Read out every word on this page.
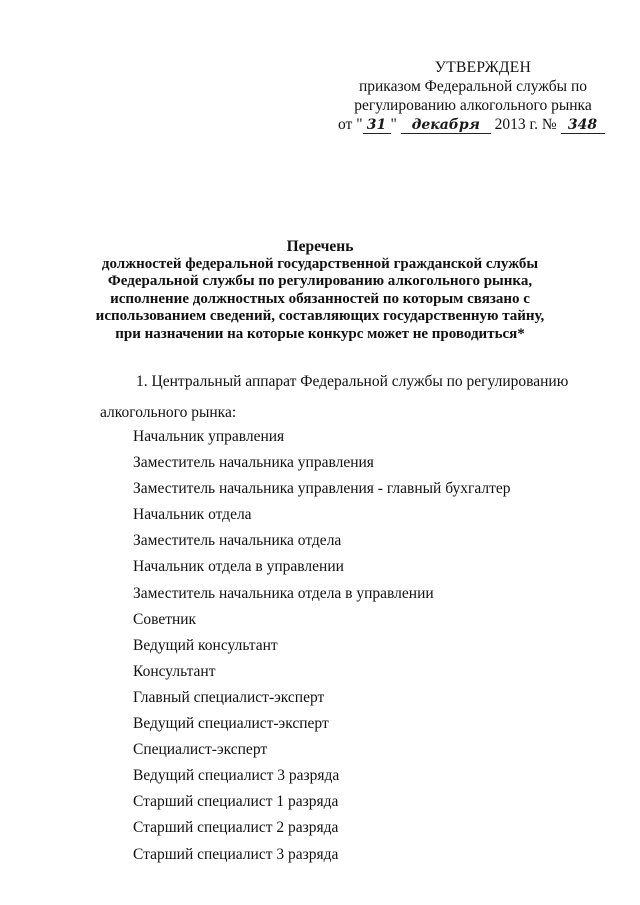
УТВЕРЖДЕН
приказом Федеральной службы по
регулированию алкогольного рынка
от " 31 " декабря 2013 г. № 348
Перечень
должностей федеральной государственной гражданской службы
Федеральной службы по регулированию алкогольного рынка,
исполнение должностных обязанностей по которым связано с
использованием сведений, составляющих государственную тайну,
при назначении на которые конкурс может не проводиться*
1. Центральный аппарат Федеральной службы по регулированию
алкогольного рынка:
Начальник управления
Заместитель начальника управления
Заместитель начальника управления - главный бухгалтер
Начальник отдела
Заместитель начальника отдела
Начальник отдела в управлении
Заместитель начальника отдела в управлении
Советник
Ведущий консультант
Консультант
Главный специалист-эксперт
Ведущий специалист-эксперт
Специалист-эксперт
Ведущий специалист 3 разряда
Старший специалист 1 разряда
Старший специалист 2 разряда
Старший специалист 3 разряда
